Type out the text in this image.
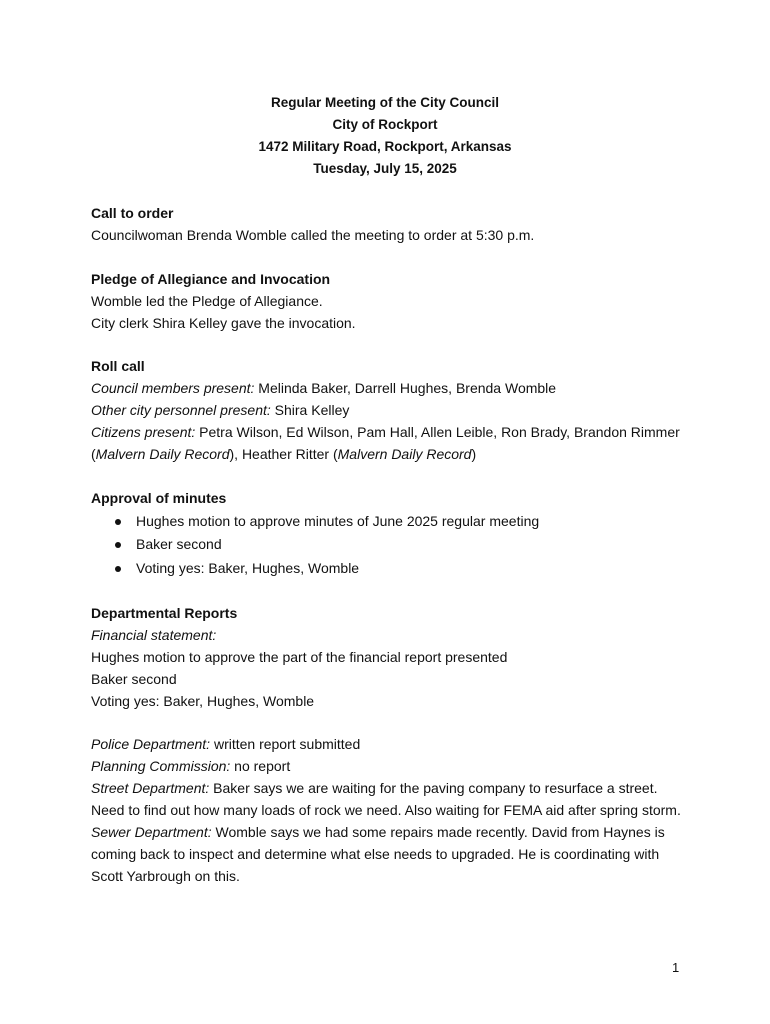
Regular Meeting of the City Council
City of Rockport
1472 Military Road, Rockport, Arkansas
Tuesday, July 15, 2025
Call to order
Councilwoman Brenda Womble called the meeting to order at 5:30 p.m.
Pledge of Allegiance and Invocation
Womble led the Pledge of Allegiance.
City clerk Shira Kelley gave the invocation.
Roll call
Council members present: Melinda Baker, Darrell Hughes, Brenda Womble
Other city personnel present: Shira Kelley
Citizens present: Petra Wilson, Ed Wilson, Pam Hall, Allen Leible, Ron Brady, Brandon Rimmer (Malvern Daily Record), Heather Ritter (Malvern Daily Record)
Approval of minutes
Hughes motion to approve minutes of June 2025 regular meeting
Baker second
Voting yes: Baker, Hughes, Womble
Departmental Reports
Financial statement:
Hughes motion to approve the part of the financial report presented
Baker second
Voting yes: Baker, Hughes, Womble
Police Department: written report submitted
Planning Commission: no report
Street Department: Baker says we are waiting for the paving company to resurface a street. Need to find out how many loads of rock we need. Also waiting for FEMA aid after spring storm.
Sewer Department: Womble says we had some repairs made recently. David from Haynes is coming back to inspect and determine what else needs to upgraded. He is coordinating with Scott Yarbrough on this.
1
